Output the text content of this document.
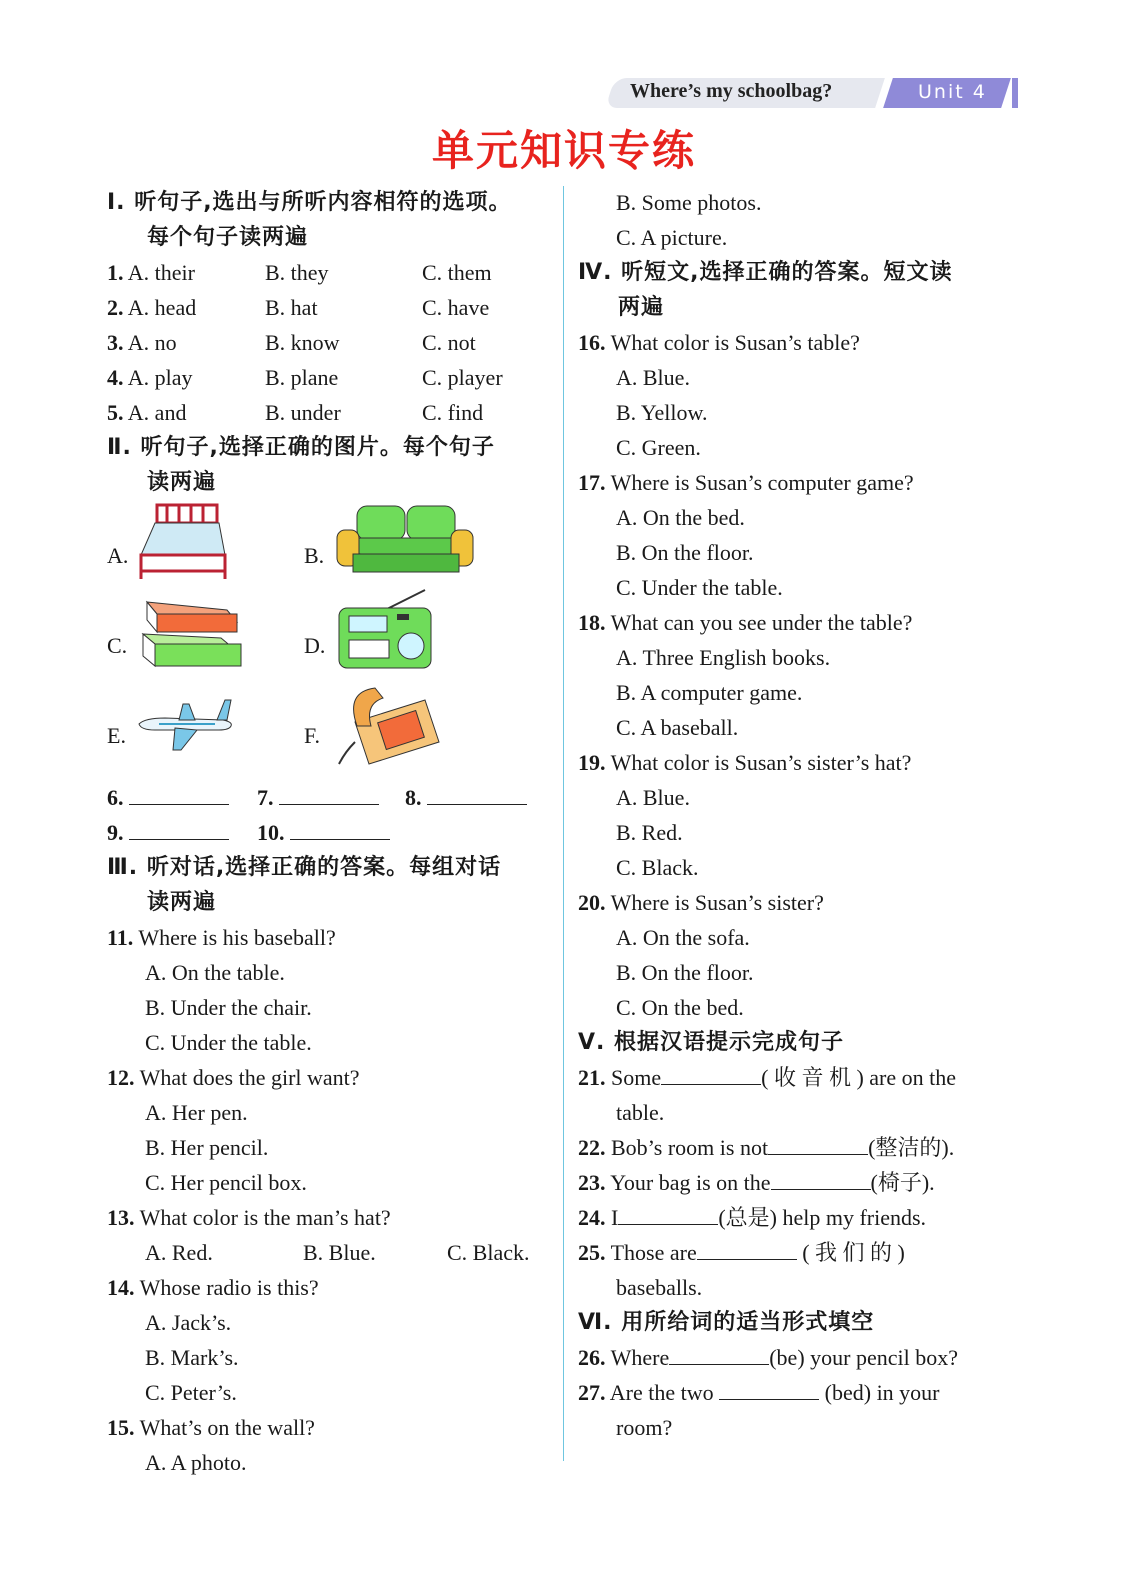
Where’s my schoolbag?	Unit 4
单元知识专练
Ⅰ. 听句子,选出与所听内容相符的选项。
每个句子读两遍
1. A. their	B. they	C. them
2. A. head	B. hat	C. have
3. A. no	B. know	C. not
4. A. play	B. plane	C. player
5. A. and	B. under	C. find
Ⅱ. 听句子,选择正确的图片。每个句子
读两遍
A.	B.
C.	D.
E.	F.
6.	7.	8.
9.	10.
Ⅲ. 听对话,选择正确的答案。每组对话
读两遍
11. Where is his baseball?
A. On the table.
B. Under the chair.
C. Under the table.
12. What does the girl want?
A. Her pen.
B. Her pencil.
C. Her pencil box.
13. What color is the man’s hat?
A. Red.	B. Blue.	C. Black.
14. Whose radio is this?
A. Jack’s.
B. Mark’s.
C. Peter’s.
15. What’s on the wall?
A. A photo.
B. Some photos.
C. A picture.
Ⅳ. 听短文,选择正确的答案。短文读
两遍
16. What color is Susan’s table?
A. Blue.
B. Yellow.
C. Green.
17. Where is Susan’s computer game?
A. On the bed.
B. On the floor.
C. Under the table.
18. What can you see under the table?
A. Three English books.
B. A computer game.
C. A baseball.
19. What color is Susan’s sister’s hat?
A. Blue.
B. Red.
C. Black.
20. Where is Susan’s sister?
A. On the sofa.
B. On the floor.
C. On the bed.
Ⅴ. 根据汉语提示完成句子
21. Some	( 收 音 机 ) are on the
table.
22. Bob’s room is not	(整洁的).
23. Your bag is on the	(椅子).
24. I	(总是) help my friends.
25. Those are	( 我 们 的 )
baseballs.
Ⅵ. 用所给词的适当形式填空
26. Where	(be) your pencil box?
27. Are the two	(bed) in your
room?
